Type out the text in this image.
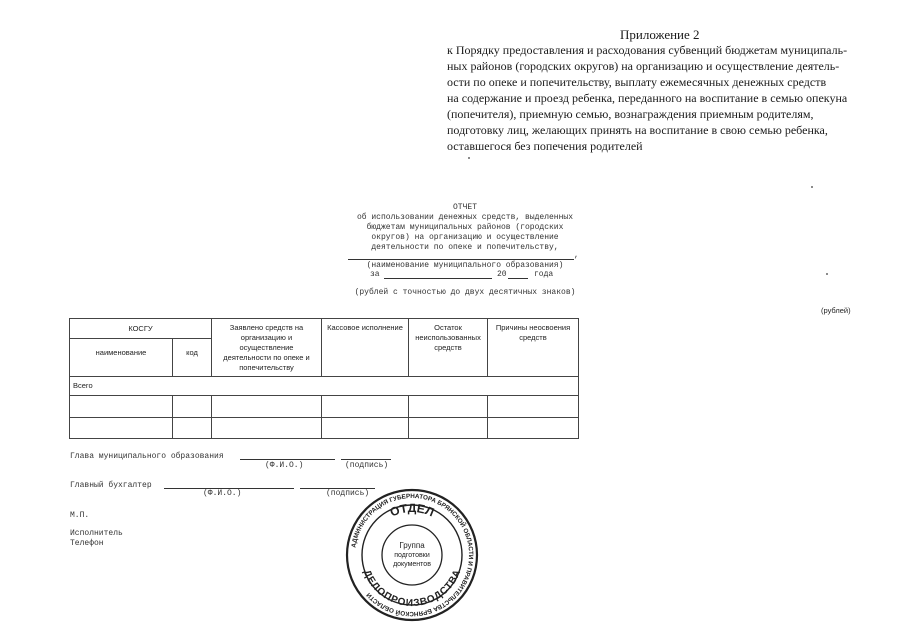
Приложение 2
к Порядку предоставления и расходования субвенций бюджетам муниципаль-
ных районов (городских округов) на организацию и осуществление деятель-
ости по опеке и попечительству, выплату ежемесячных денежных средств
на содержание и проезд ребенка, переданного на воспитание в семью опекуна
(попечителя), приемную семью, вознаграждения приемным родителям,
подготовку лиц, желающих принять на воспитание в свою семью ребенка,
оставшегося без попечения родителей
ОТЧЕТ
об использовании денежных средств, выделенных
бюджетам муниципальных районов (городских
округов) на организацию и осуществление
деятельности по опеке и попечительству,
,
(наименование муниципального образования)
за	20	года
(рублей с точностью до двух десятичных знаков)
(рублей)
КОСГУ		Заявлено средств на организацию и осуществление деятельности по опеке и попечительству	Кассовое исполнение	Остаток неиспользованных средств	Причины неосвоения средств
наименование	код				
Всего					

Глава муниципального образования
(Ф.И.О.)	(подпись)
Главный бухгалтер
(Ф.И.О.)	(подпись)
М.П.
Исполнитель
Телефон	АДМИНИСТРАЦИЯ ГУБЕРНАТОРА БРЯНСКОЙ ОБЛАСТИ И ПРАВИТЕЛЬСТВА БРЯНСКОЙ ОБЛАСТИ
ОТДЕЛ
ДЕЛОПРОИЗВОДСТВА
Группа
подготовки
документов
